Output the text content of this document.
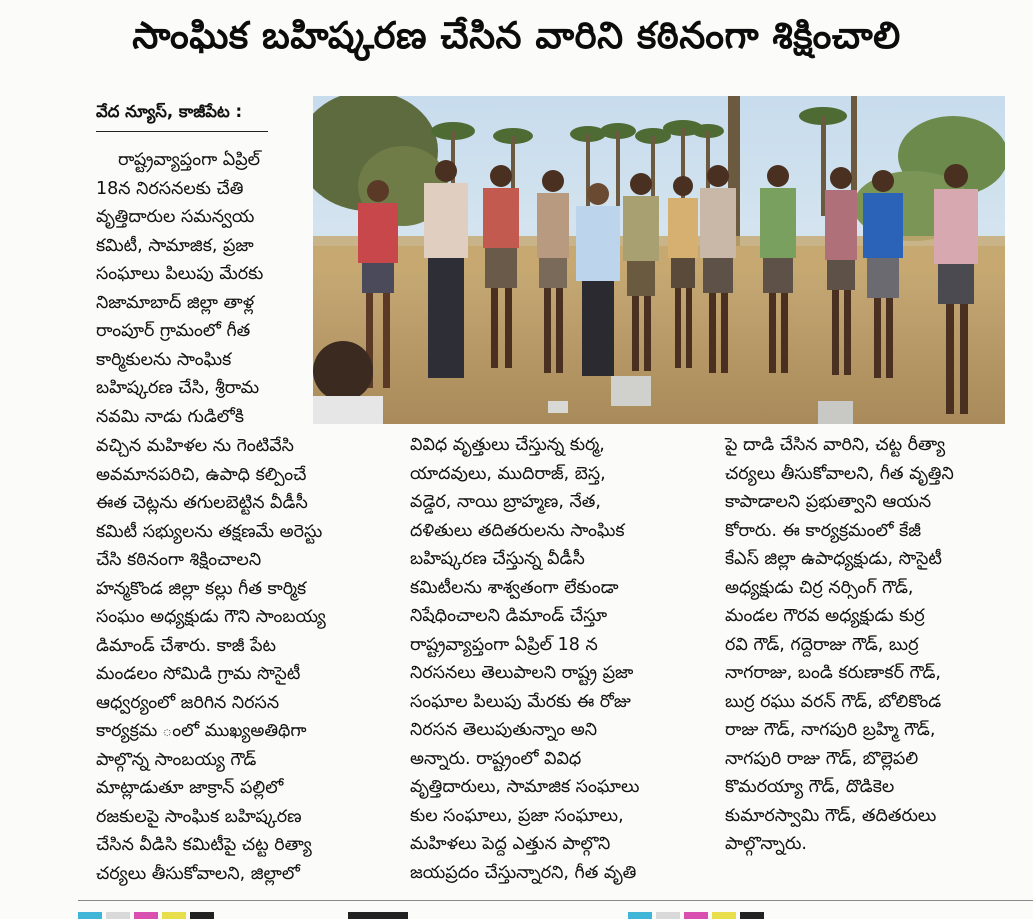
సాంఘిక బహిష్కరణ చేసిన వారిని కఠినంగా శిక్షించాలి
వేద న్యూస్, కాజీపేట :
రాష్ట్రవ్యాప్తంగా ఏప్రిల్
18న నిరసనలకు చేతి
వృత్తిదారుల సమన్వయ
కమిటీ, సామాజిక, ప్రజా
సంఘాలు పిలుపు మేరకు
నిజామాబాద్ జిల్లా తాళ్ల
రాంపూర్ గ్రామంలో గీత
కార్మికులను సాంఘిక
బహిష్కరణ చేసి, శ్రీరామ
నవమి నాడు గుడిలోకి
వచ్చిన మహిళల ను గెంటివేసి
అవమానపరిచి, ఉపాధి కల్పించే
ఈత చెట్లను తగులబెట్టిన వీడీసీ
కమిటీ సభ్యులను తక్షణమే అరెస్టు
చేసి కఠినంగా శిక్షించాలని
హన్మకొండ జిల్లా కల్లు గీత కార్మిక
సంఘం అధ్యక్షుడు గౌని సాంబయ్య
డిమాండ్ చేశారు. కాజీ పేట
మండలం సోమిడి గ్రామ సొసైటీ
ఆధ్వర్యంలో జరిగిన నిరసన
కార్యక్రమ ంలో ముఖ్యఅతిథిగా
పాల్గొన్న సాంబయ్య గౌడ్
మాట్లాడుతూ జాక్రాన్ పల్లిలో
రజకులపై సాంఘిక బహిష్కరణ
చేసిన వీడిసి కమిటీపై చట్ట రిత్యా
చర్యలు తీసుకోవాలని, జిల్లాలో
వివిధ వృత్తులు చేస్తున్న కుర్మ,
యాదవులు, ముదిరాజ్, బెస్త,
వడ్డెర, నాయి బ్రాహ్మణ, నేత,
దళితులు తదితరులను సాంఘిక
బహిష్కరణ చేస్తున్న వీడీసీ
కమిటీలను శాశ్వతంగా లేకుండా
నిషేధించాలని డిమాండ్ చేస్తూ
రాష్ట్రవ్యాప్తంగా ఏప్రిల్ 18 న
నిరసనలు తెలుపాలని రాష్ట్ర ప్రజా
సంఘాల పిలుపు మేరకు ఈ రోజు
నిరసన తెలుపుతున్నాం అని
అన్నారు. రాష్ట్రంలో వివిధ
వృత్తిదారులు, సామాజిక సంఘాలు
కుల సంఘాలు, ప్రజా సంఘాలు,
మహిళలు పెద్ద ఎత్తున పాల్గొని
జయప్రదం చేస్తున్నారని, గీత వృతి
పై దాడి చేసిన వారిని, చట్ట రీత్యా
చర్యలు తీసుకోవాలని, గీత వృత్తిని
కాపాడాలని ప్రభుత్వాని ఆయన
కోరారు. ఈ కార్యక్రమంలో కేజీ
కేఎస్ జిల్లా ఉపాధ్యక్షుడు, సొసైటీ
అధ్యక్షుడు చిర్ర నర్సింగ్ గౌడ్,
మండల గౌరవ అధ్యక్షుడు కుర్ర
రవి గౌడ్, గద్దెరాజు గౌడ్, బుర్ర
నాగరాజు, బండి కరుణాకర్ గౌడ్,
బుర్ర రఘు వరన్ గౌడ్, బోలికొండ
రాజు గౌడ్, నాగపురి బ్రహ్మి గౌడ్,
నాగపురి రాజు గౌడ్, బొల్లెపలి
కొమరయ్యా గౌడ్, దొడికెల
కుమారస్వామి గౌడ్, తదితరులు
పాల్గొన్నారు.
